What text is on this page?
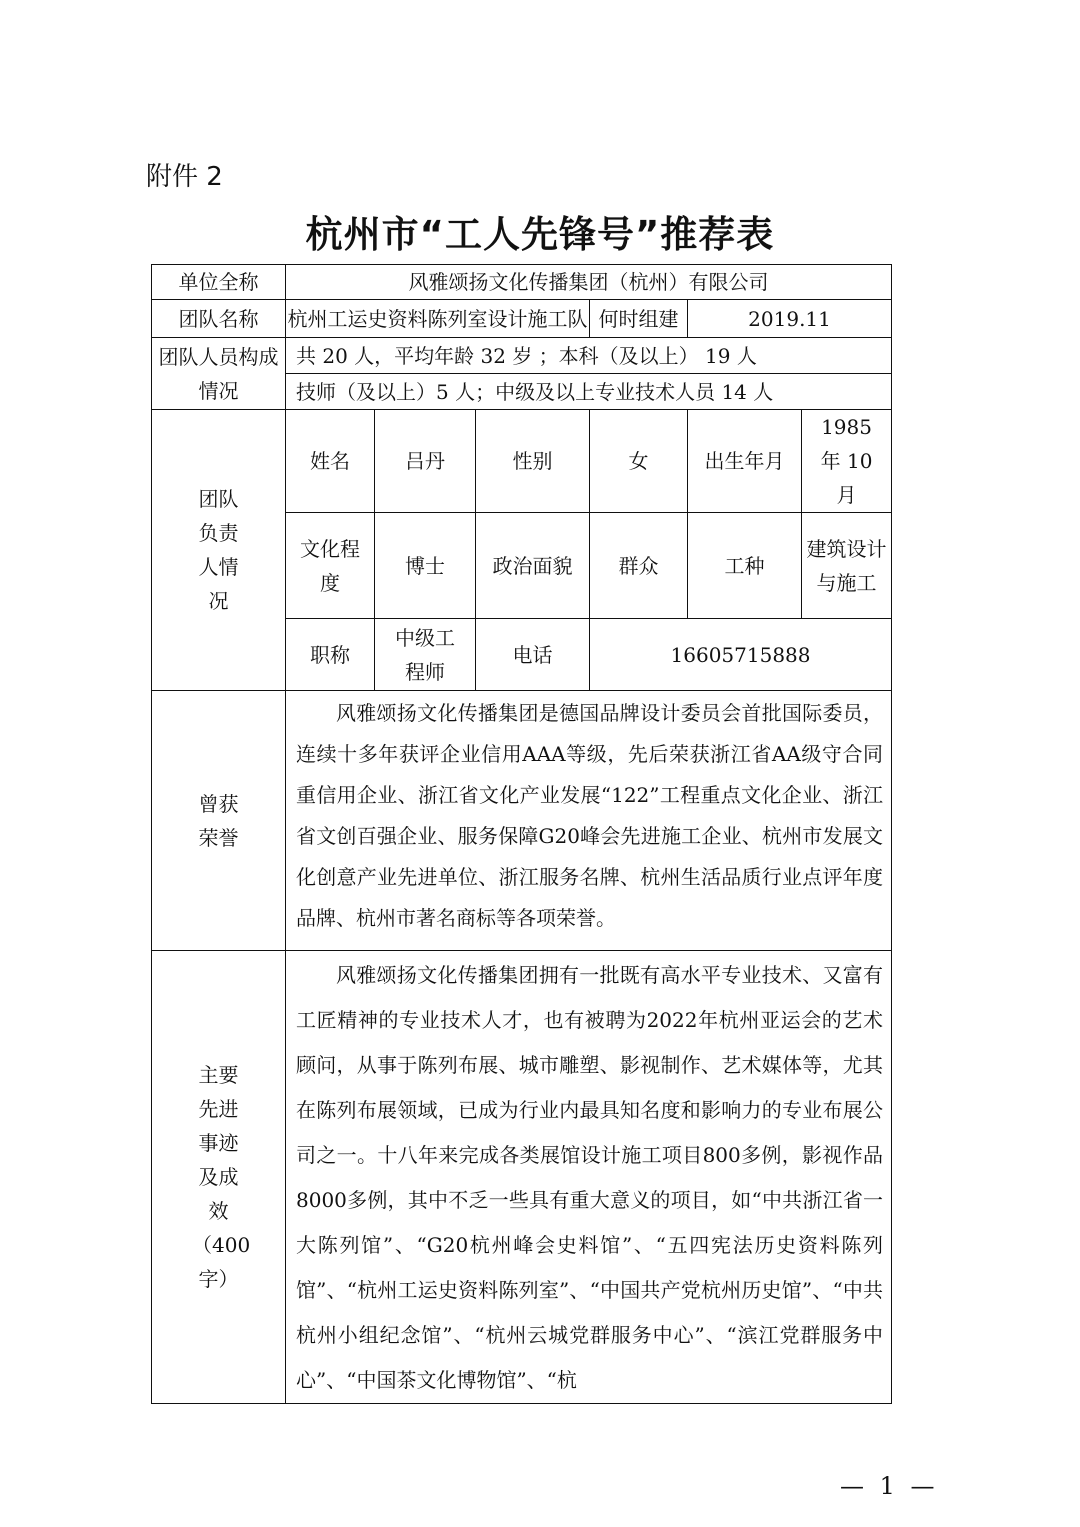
附件 2
杭州市“工人先锋号”推荐表
单位全称	风雅颂扬文化传播集团（杭州）有限公司					
团队名称	杭州工运史资料陈列室设计施工队			何时组建	2019.11	
团队人员构成情况	共 20 人，平均年龄 32 岁 ；本科（及以上） 19 人					
	技师（及以上）5 人；中级及以上专业技术人员 14 人					
团队负责人情况	姓名	吕丹	性别	女	出生年月	1985 年 10 月
	文化程度	博士	政治面貌	群众	工种	建筑设计与施工
	职称	中级工程师	电话	16605715888		
曾获荣誉	风雅颂扬文化传播集团是德国品牌设计委员会首批国际委员，连续十多年获评企业信用AAA等级，先后荣获浙江省AA级守合同重信用企业、浙江省文化产业发展“122”工程重点文化企业、浙江省文创百强企业、服务保障G20峰会先进施工企业、杭州市发展文化创意产业先进单位、浙江服务名牌、杭州生活品质行业点评年度品牌、杭州市著名商标等各项荣誉。					
主要先进事迹及成效（400 字）	风雅颂扬文化传播集团拥有一批既有高水平专业技术、又富有工匠精神的专业技术人才，也有被聘为2022年杭州亚运会的艺术顾问，从事于陈列布展、城市雕塑、影视制作、艺术媒体等，尤其在陈列布展领域，已成为行业内最具知名度和影响力的专业布展公司之一。十八年来完成各类展馆设计施工项目800多例，影视作品8000多例，其中不乏一些具有重大意义的项目，如“中共浙江省一大陈列馆”、“G20杭州峰会史料馆”、“五四宪法历史资料陈列馆”、“杭州工运史资料陈列室”、“中国共产党杭州历史馆”、“中共杭州小组纪念馆”、“杭州云城党群服务中心”、“滨江党群服务中心”、“中国茶文化博物馆”、“杭					
— 1 —
